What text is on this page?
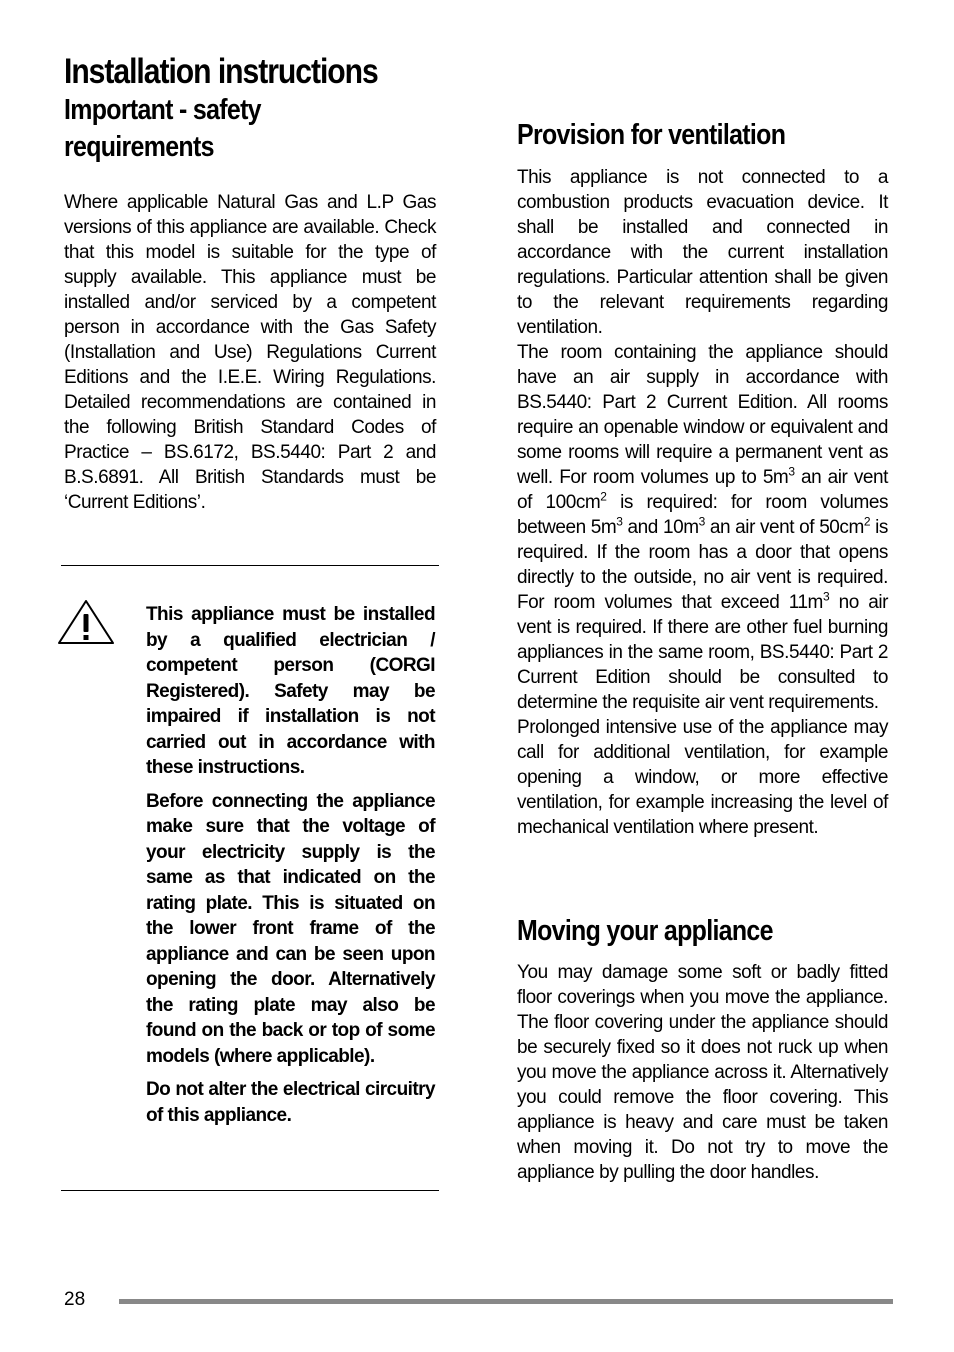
Installation instructions
Important - safety
requirements

Where applicable Natural Gas and L.P Gas versions of this appliance are available. Check that this model is suitable for the type of supply available. This appliance must be installed and/or serviced by a competent person in accordance with the Gas Safety (Installation and Use) Regulations Current Editions and the I.E.E. Wiring Regulations. Detailed recommendations are contained in the following British Standard Codes of Practice – BS.6172, BS.5440: Part 2 and B.S.6891. All British Standards must be ‘Current Editions’.

This appliance must be installed by a qualified electrician / competent person (CORGI Registered). Safety may be impaired if installation is not carried out in accordance with these instructions.

Before connecting the appliance make sure that the voltage of your electricity supply is the same as that indicated on the rating plate. This is situated on the lower front frame of the appliance and can be seen upon opening the door. Alternatively the rating plate may also be found on the back or top of some models (where applicable).

Do not alter the electrical circuitry of this appliance.

Provision for ventilation

This appliance is not connected to a combustion products evacuation device. It shall be installed and connected in accordance with the current installation regulations. Particular attention shall be given to the relevant requirements regarding ventilation.

The room containing the appliance should have an air supply in accordance with BS.5440: Part 2 Current Edition. All rooms require an openable window or equivalent and some rooms will require a permanent vent as well. For room volumes up to $5m^3$ an air vent of $100cm^2$ is required: for room volumes between $5m^3$ and $10m^3$ an air vent of $50cm^2$ is required. If the room has a door that opens directly to the outside, no air vent is required. For room volumes that exceed $11m^3$ no air vent is required. If there are other fuel burning appliances in the same room, BS.5440: Part 2 Current Edition should be consulted to determine the requisite air vent requirements.

Prolonged intensive use of the appliance may call for additional ventilation, for example opening a window, or more effective ventilation, for example increasing the level of mechanical ventilation where present.

Moving your appliance

You may damage some soft or badly fitted floor coverings when you move the appliance. The floor covering under the appliance should be securely fixed so it does not ruck up when you move the appliance across it. Alternatively you could remove the floor covering. This appliance is heavy and care must be taken when moving it. Do not try to move the appliance by pulling the door handles.

28
